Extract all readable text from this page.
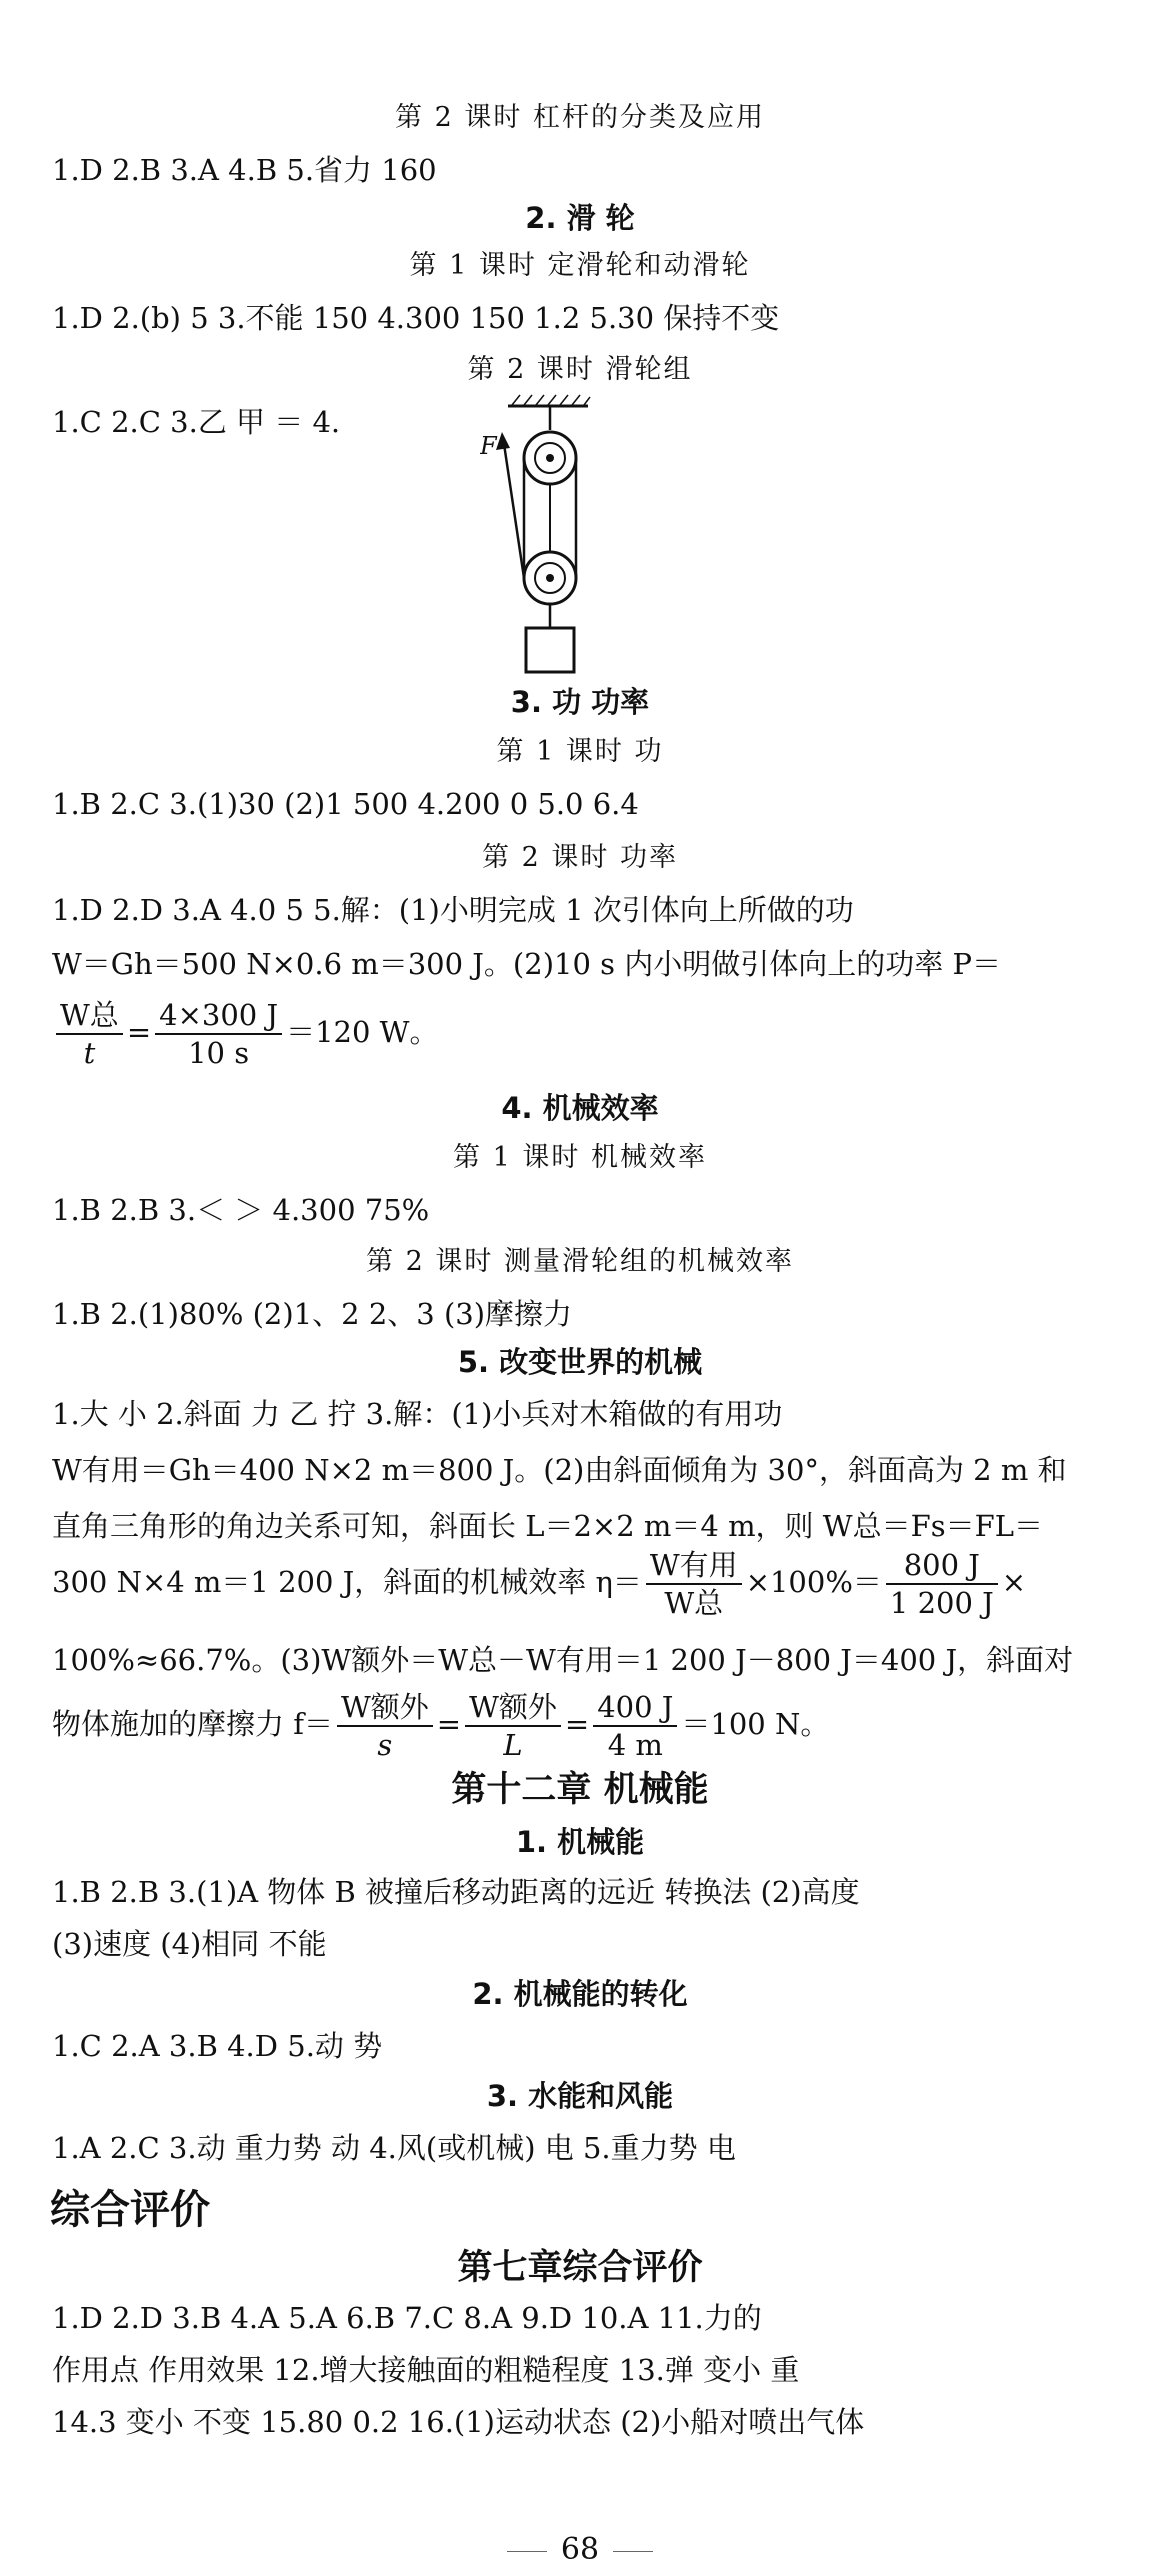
第 2 课时 杠杆的分类及应用
1.D 2.B 3.A 4.B 5.省力 160
2. 滑 轮
第 1 课时 定滑轮和动滑轮
1.D 2.(b) 5 3.不能 150 4.300 150 1.2 5.30 保持不变
第 2 课时 滑轮组
1.C 2.C 3.乙 甲 ＝ 4.
F
3. 功 功率
第 1 课时 功
1.B 2.C 3.(1)30 (2)1 500 4.200 0 5.0 6.4
第 2 课时 功率
1.D 2.D 3.A 4.0 5 5.解：(1)小明完成 1 次引体向上所做的功
W＝Gh＝500 N×0.6 m＝300 J。(2)10 s 内小明做引体向上的功率 P＝
$\frac{\text{W总}}{t} = \frac{4\times 300 J}{10 s} =120$ W。
4. 机械效率
第 1 课时 机械效率
1.B 2.B 3.＜ ＞ 4.300 75%
第 2 课时 测量滑轮组的机械效率
1.B 2.(1)80% (2)1、2 2、3 (3)摩擦力
5. 改变世界的机械
1.大 小 2.斜面 力 乙 拧 3.解：(1)小兵对木箱做的有用功
W有用＝Gh＝400 N×2 m＝800 J。(2)由斜面倾角为 30°，斜面高为 2 m 和
直角三角形的角边关系可知，斜面长 L＝2×2 m＝4 m，则 W总＝Fs＝FL＝
300 N×4 m＝1 200 J，斜面的机械效率 $\eta= \frac{\text{W有用}}{\text{W总}} \times 100\%= \frac{800 J}{1 200 J}$ ×
100%≈66.7%。(3)W额外＝W总－W有用＝1 200 J－800 J＝400 J，斜面对
物体施加的摩擦力 $f= \frac{\text{W额外}}{s} = \frac{\text{W额外}}{L} = \frac{400 J}{4 m} =100$ N。
第十二章 机械能
1. 机械能
1.B 2.B 3.(1)A 物体 B 被撞后移动距离的远近 转换法 (2)高度
(3)速度 (4)相同 不能
2. 机械能的转化
1.C 2.A 3.B 4.D 5.动 势
3. 水能和风能
1.A 2.C 3.动 重力势 动 4.风(或机械) 电 5.重力势 电
综合评价
第七章综合评价
1.D 2.D 3.B 4.A 5.A 6.B 7.C 8.A 9.D 10.A 11.力的
作用点 作用效果 12.增大接触面的粗糙程度 13.弹 变小 重
14.3 变小 不变 15.80 0.2 16.(1)运动状态 (2)小船对喷出气体
68
